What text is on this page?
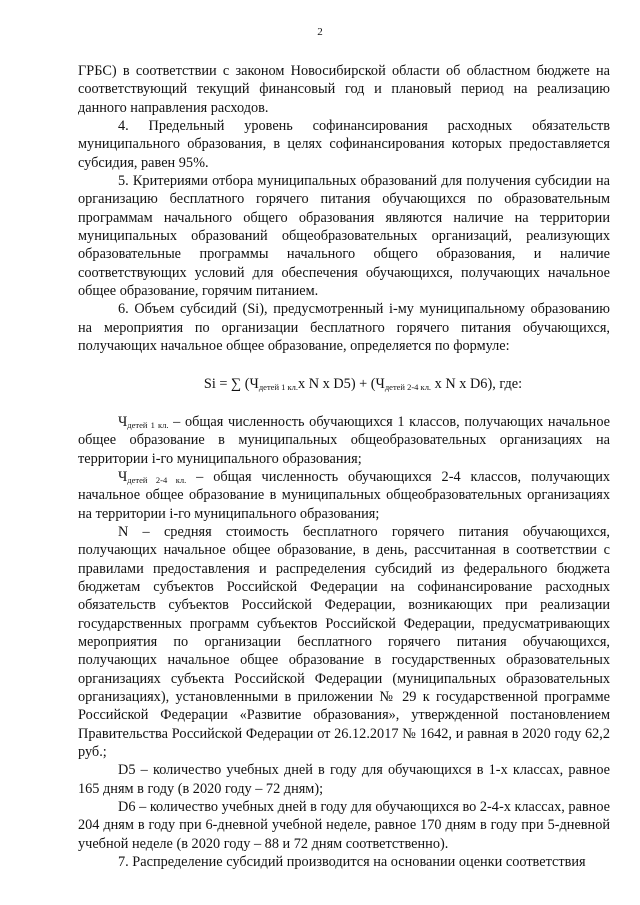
2

ГРБС) в соответствии с законом Новосибирской области об областном бюджете на соответствующий текущий финансовый год и плановый период на реализацию данного направления расходов.

4. Предельный уровень софинансирования расходных обязательств муниципального образования, в целях софинансирования которых предоставляется субсидия, равен 95%.

5. Критериями отбора муниципальных образований для получения субсидии на организацию бесплатного горячего питания обучающихся по образовательным программам начального общего образования являются наличие на территории муниципальных образований общеобразовательных организаций, реализующих образовательные программы начального общего образования, и наличие соответствующих условий для обеспечения обучающихся, получающих начальное общее образование, горячим питанием.

6. Объем субсидий (Si), предусмотренный i-му муниципальному образованию на мероприятия по организации бесплатного горячего питания обучающихся, получающих начальное общее образование, определяется по формуле:

Si = ∑ ($Ч_{детей 1 кл.}x$ N x $D5) + (Ч_{детей 2-4 кл.}$ x N x D6), где:

$Ч_{детей 1 кл.}$ – общая численность обучающихся 1 классов, получающих начальное общее образование в муниципальных общеобразовательных организациях на территории i-го муниципального образования;

$Ч_{детей 2-4 кл.}$ – общая численность обучающихся 2-4 классов, получающих начальное общее образование в муниципальных общеобразовательных организациях на территории i-го муниципального образования;

N – средняя стоимость бесплатного горячего питания обучающихся, получающих начальное общее образование, в день, рассчитанная в соответствии с правилами предоставления и распределения субсидий из федерального бюджета бюджетам субъектов Российской Федерации на софинансирование расходных обязательств субъектов Российской Федерации, возникающих при реализации государственных программ субъектов Российской Федерации, предусматривающих мероприятия по организации бесплатного горячего питания обучающихся, получающих начальное общее образование в государственных образовательных организациях субъекта Российской Федерации (муниципальных образовательных организациях), установленными в приложении № 29 к государственной программе Российской Федерации «Развитие образования», утвержденной постановлением Правительства Российской Федерации от 26.12.2017 № 1642, и равная в 2020 году 62,2 руб.;

D5 – количество учебных дней в году для обучающихся в 1-х классах, равное 165 дням в году (в 2020 году – 72 дням);

D6 – количество учебных дней в году для обучающихся во 2-4-х классах, равное 204 дням в году при 6-дневной учебной неделе, равное 170 дням в году при 5-дневной учебной неделе (в 2020 году – 88 и 72 дням соответственно).

7. Распределение субсидий производится на основании оценки соответствия
